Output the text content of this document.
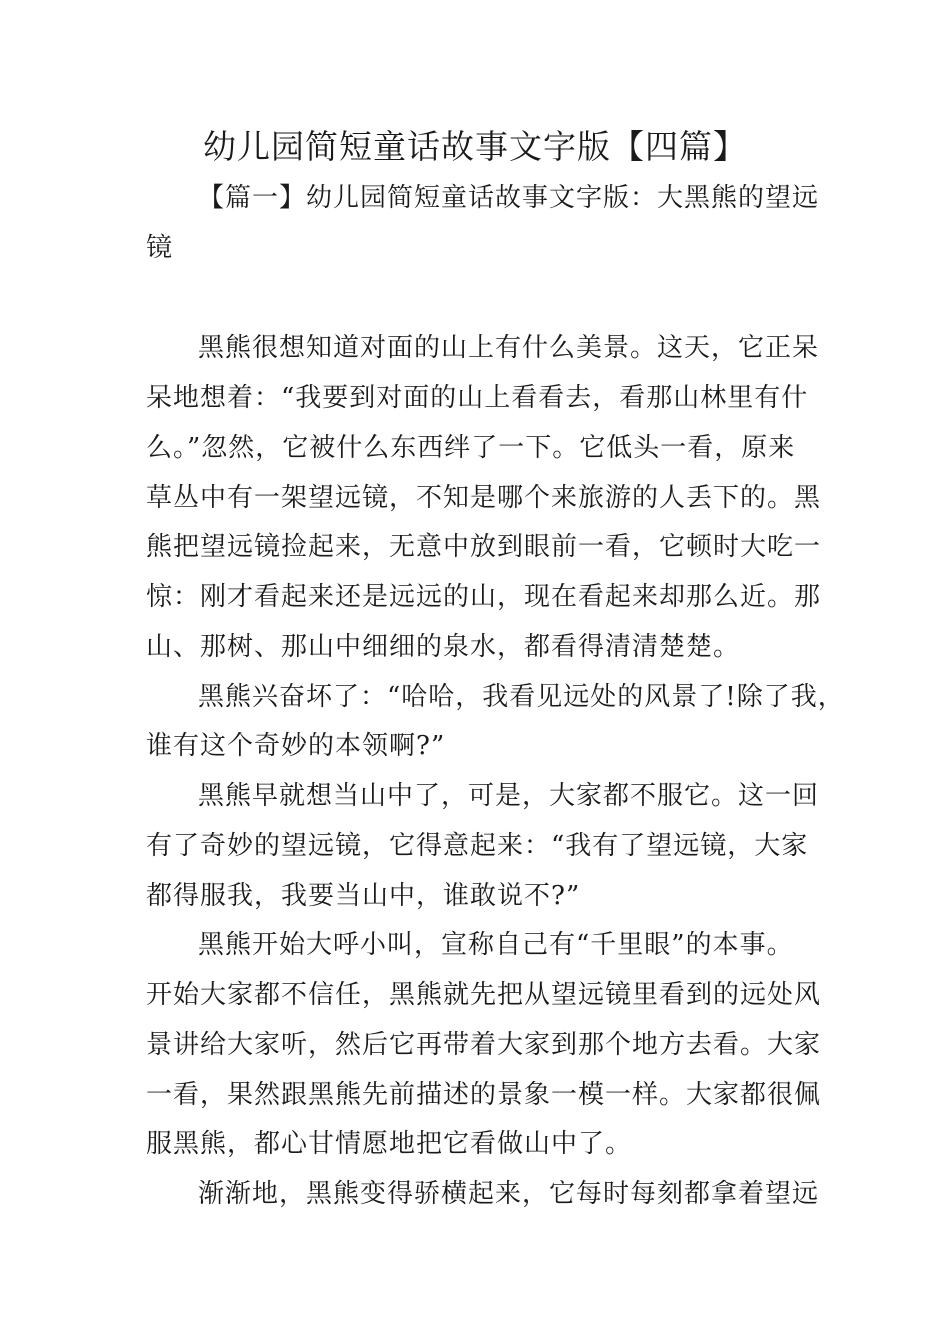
幼儿园简短童话故事文字版【四篇】
【篇一】幼儿园简短童话故事文字版：大黑熊的望远
镜
黑熊很想知道对面的山上有什么美景。这天，它正呆
呆地想着：“我要到对面的山上看看去，看那山林里有什
么。”忽然，它被什么东西绊了一下。它低头一看，原来
草丛中有一架望远镜，不知是哪个来旅游的人丢下的。黑
熊把望远镜捡起来，无意中放到眼前一看，它顿时大吃一
惊：刚才看起来还是远远的山，现在看起来却那么近。那
山、那树、那山中细细的泉水，都看得清清楚楚。
黑熊兴奋坏了：“哈哈，我看见远处的风景了!除了我，
谁有这个奇妙的本领啊?”
黑熊早就想当山中了，可是，大家都不服它。这一回
有了奇妙的望远镜，它得意起来：“我有了望远镜，大家
都得服我，我要当山中，谁敢说不?”
黑熊开始大呼小叫，宣称自己有“千里眼”的本事。
开始大家都不信任，黑熊就先把从望远镜里看到的远处风
景讲给大家听，然后它再带着大家到那个地方去看。大家
一看，果然跟黑熊先前描述的景象一模一样。大家都很佩
服黑熊，都心甘情愿地把它看做山中了。
渐渐地，黑熊变得骄横起来，它每时每刻都拿着望远
